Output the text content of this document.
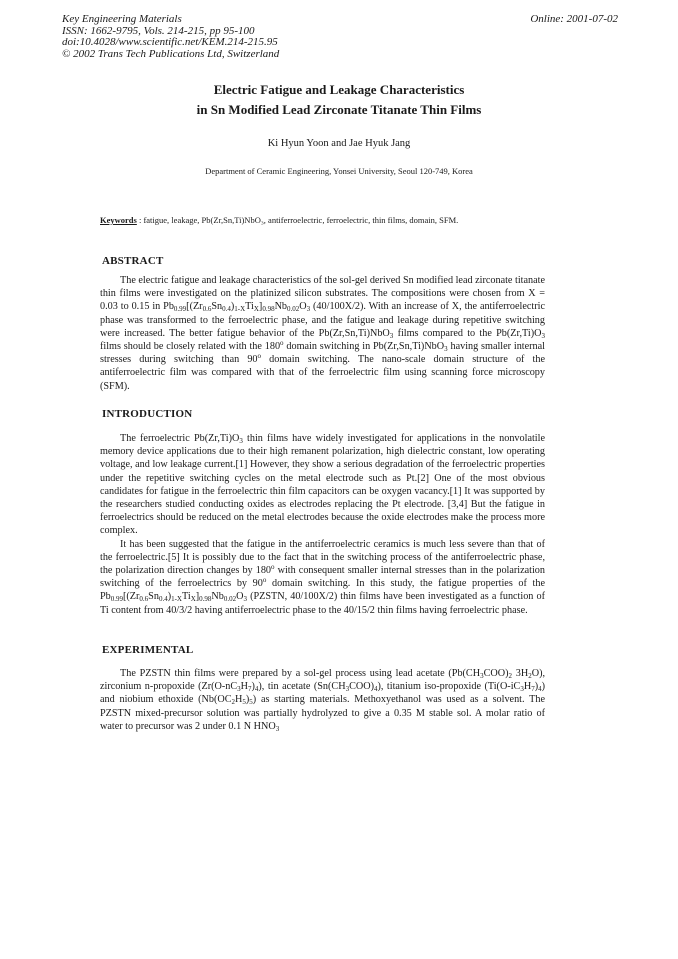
Key Engineering Materials
ISSN: 1662-9795, Vols. 214-215, pp 95-100
doi:10.4028/www.scientific.net/KEM.214-215.95
© 2002 Trans Tech Publications Ltd, Switzerland
Online: 2001-07-02
Electric Fatigue and Leakage Characteristics
in Sn Modified Lead Zirconate Titanate Thin Films
Ki Hyun Yoon and Jae Hyuk Jang
Department of Ceramic Engineering, Yonsei University, Seoul 120-749, Korea
Keywords : fatigue, leakage, Pb(Zr,Sn,Ti)NbO₃, antiferroelectric, ferroelectric, thin films, domain, SFM.
ABSTRACT

The electric fatigue and leakage characteristics of the sol-gel derived Sn modified lead zirconate titanate thin films were investigated on the platinized silicon substrates. The compositions were chosen from X = 0.03 to 0.15 in $Pb_{0.99}[(Zr_{0.6}Sn_{0.4})_{1-X}Ti_X]_{0.98}Nb_{0.02}O_3$ (40/100X/2). With an increase of X, the antiferroelectric phase was transformed to the ferroelectric phase, and the fatigue and leakage during repetitive switching were increased. The better fatigue behavior of the Pb(Zr,Sn,Ti)NbO$_3$ films compared to the $Pb(Zr,Ti)O_3$ films should be closely related with the 180$^o$ domain switching in Pb(Zr,Sn,Ti)NbO$_3$ having smaller internal stresses during switching than 90$^o$ domain switching. The nano-scale domain structure of the antiferroelectric film was compared with that of the ferroelectric film using scanning force microscopy (SFM).

INTRODUCTION

The ferroelectric $Pb(Zr,Ti)O_3$ thin films have widely investigated for applications in the nonvolatile memory device applications due to their high remanent polarization, high dielectric constant, low operating voltage, and low leakage current.[1] However, they show a serious degradation of the ferroelectric properties under the repetitive switching cycles on the metal electrode such as Pt.[2] One of the most obvious candidates for fatigue in the ferroelectric thin film capacitors can be oxygen vacancy.[1] It was supported by the researchers studied conducting oxides as electrodes replacing the Pt electrode. [3,4] But the fatigue in ferroelectrics should be reduced on the metal electrodes because the oxide electrodes make the process more complex.

It has been suggested that the fatigue in the antiferroelectric ceramics is much less severe than that of the ferroelectric.[5] It is possibly due to the fact that in the switching process of the antiferroelectric phase, the polarization direction changes by 180$^o$ with consequent smaller internal stresses than in the polarization switching of the ferroelectrics by 90$^o$ domain switching. In this study, the fatigue properties of the $Pb_{0.99}[(Zr_{0.6}Sn_{0.4})_{1-X}Ti_X]_{0.98}Nb_{0.02}O_3$ (PZSTN, 40/100X/2) thin films have been investigated as a function of Ti content from 40/3/2 having antiferroelectric phase to the 40/15/2 thin films having ferroelectric phase.

EXPERIMENTAL

The PZSTN thin films were prepared by a sol-gel process using lead acetate ($Pb(CH_3COO)_2$ $3H_2O$), zirconium n-propoxide $(Zr(O-nC_3H_7)_4)$, tin acetate $(Sn(CH_3COO)_4)$, titanium iso-propoxide $(Ti(O-iC_3H_7)_4)$ and niobium ethoxide $(Nb(OC_2H_5)_5)$ as starting materials. Methoxyethanol was used as a solvent. The PZSTN mixed-precursor solution was partially hydrolyzed to give a 0.35 M stable sol. A molar ratio of water to precursor was 2 under 0.1 N $HNO_3$
